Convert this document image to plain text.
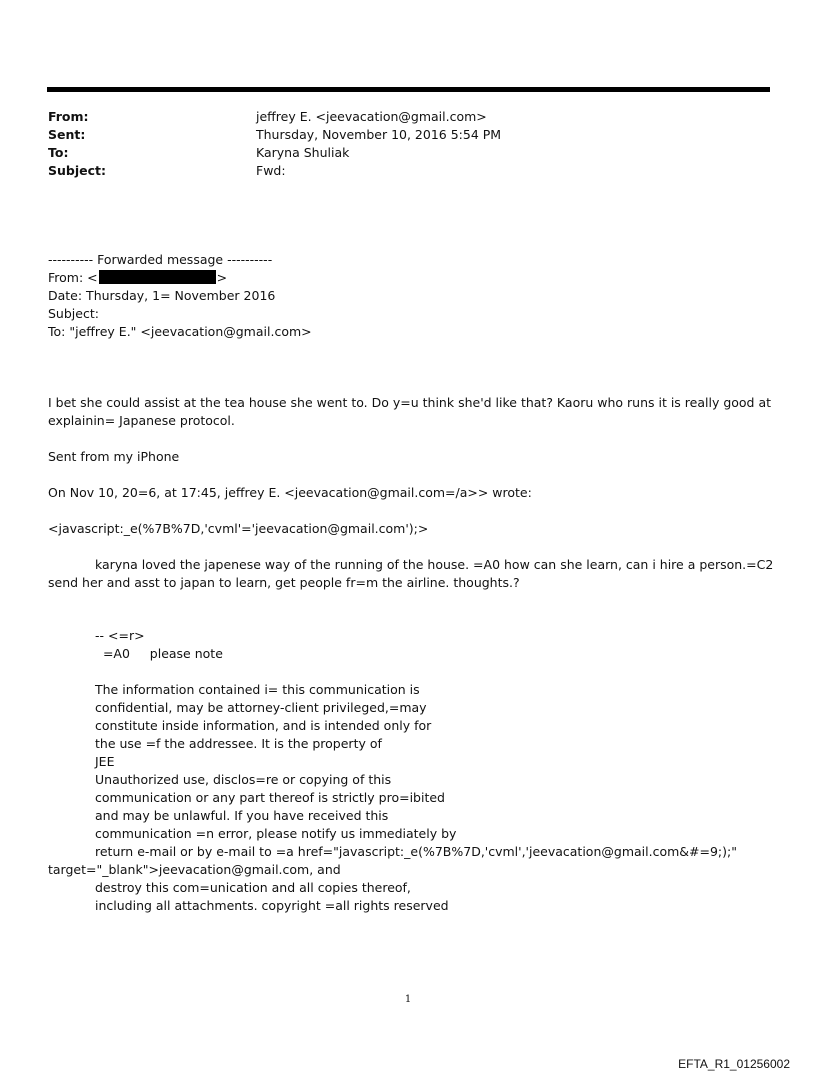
From:	jeffrey E. <jeevacation@gmail.com>
Sent:	Thursday, November 10, 2016 5:54 PM
To:	Karyna Shuliak
Subject:	Fwd:
---------- Forwarded message ----------
From: <	>
Date: Thursday, 1= November 2016
Subject:
To: "jeffrey E." <jeevacation@gmail.com>
I bet she could assist at the tea house she went to. Do y=u think she'd like that? Kaoru who runs it is really good at
explainin= Japanese protocol.
Sent from my iPhone
On Nov 10, 20=6, at 17:45, jeffrey E. <jeevacation@gmail.com=/a>> wrote:
<javascript:_e(%7B%7D,'cvml'='jeevacation@gmail.com');>
karyna loved the japenese way of the running of the house. =A0 how can she learn, can i hire a person.=C2
send her and asst to japan to learn, get people fr=m the airline. thoughts.?
-- <=r>
=A0     please note
The information contained i= this communication is
confidential, may be attorney-client privileged,=may
constitute inside information, and is intended only for
the use =f the addressee. It is the property of
JEE
Unauthorized use, disclos=re or copying of this
communication or any part thereof is strictly pro=ibited
and may be unlawful. If you have received this
communication =n error, please notify us immediately by
return e-mail or by e-mail to =a href="javascript:_e(%7B%7D,'cvml','jeevacation@gmail.com&#=9;);"
target="_blank">jeevacation@gmail.com, and
destroy this com=unication and all copies thereof,
including all attachments. copyright =all rights reserved
1
EFTA_R1_01256002
